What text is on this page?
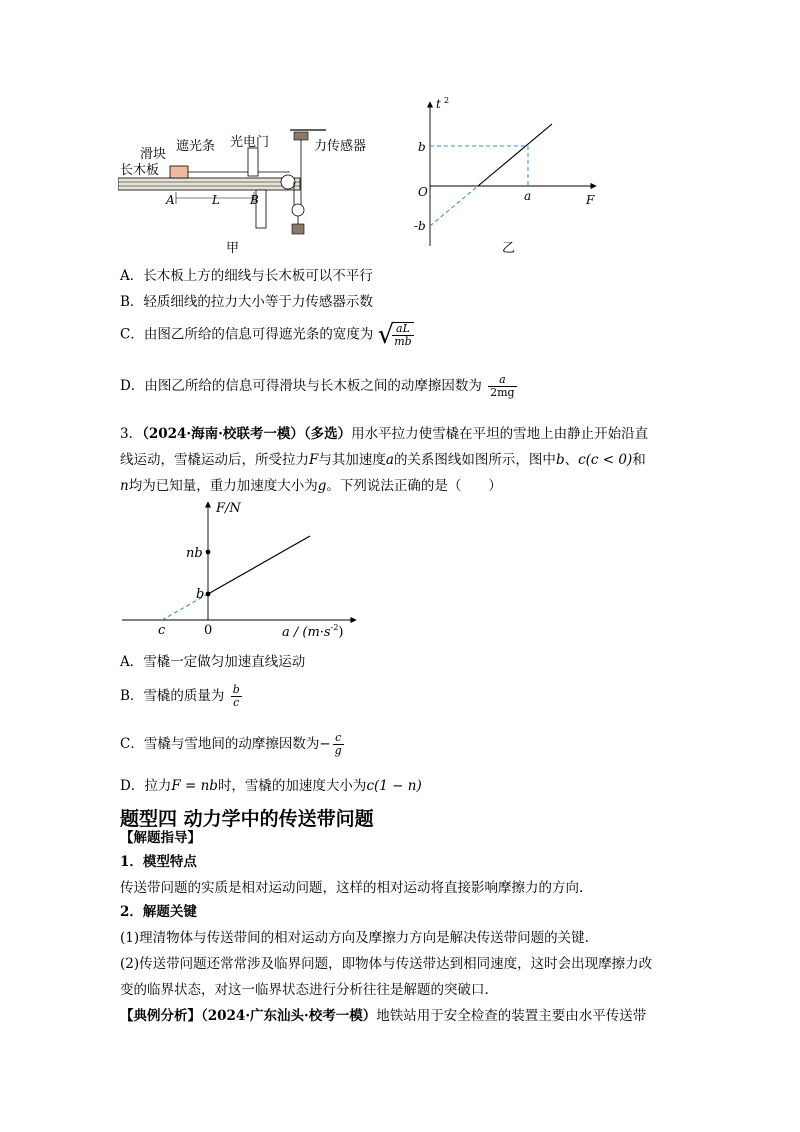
滑块
遮光条 光电门
长木板
力传感器
A	B
L
甲
t 2
F
O
b
-b
a
乙
A．长木板上方的细线与长木板可以不平行
B．轻质细线的拉力大小等于力传感器示数
C．由图乙所给的信息可得遮光条的宽度为 √
$\frac{aL}{mb}$
D．由图乙所给的信息可得滑块与长木板之间的动摩擦因数为 $\frac{a}{2mg}$
3．（2024·海南·校联考一模）（多选）用水平拉力使雪橇在平坦的雪地上由静止开始沿直
线运动，雪橇运动后，所受拉力F与其加速度a的关系图线如图所示，图中b、c(c < 0)和
n均为已知量，重力加速度大小为g。下列说法正确的是（　　）
F/N
nb
b
c	0	$a / (m\cdot s^{-2})$
A．雪橇一定做匀加速直线运动
B．雪橇的质量为 $\frac{b}{c}$
C．雪橇与雪地间的动摩擦因数为− $\frac{c}{g}$
D．拉力F = nb时，雪橇的加速度大小为c(1 − n)
题型四 动力学中的传送带问题
【解题指导】
1．模型特点
传送带问题的实质是相对运动问题，这样的相对运动将直接影响摩擦力的方向.
2．解题关键
(1)理清物体与传送带间的相对运动方向及摩擦力方向是解决传送带问题的关键.
(2)传送带问题还常常涉及临界问题，即物体与传送带达到相同速度，这时会出现摩擦力改
变的临界状态，对这一临界状态进行分析往往是解题的突破口.
【典例分析】（2024·广东汕头·校考一模）地铁站用于安全检查的装置主要由水平传送带
